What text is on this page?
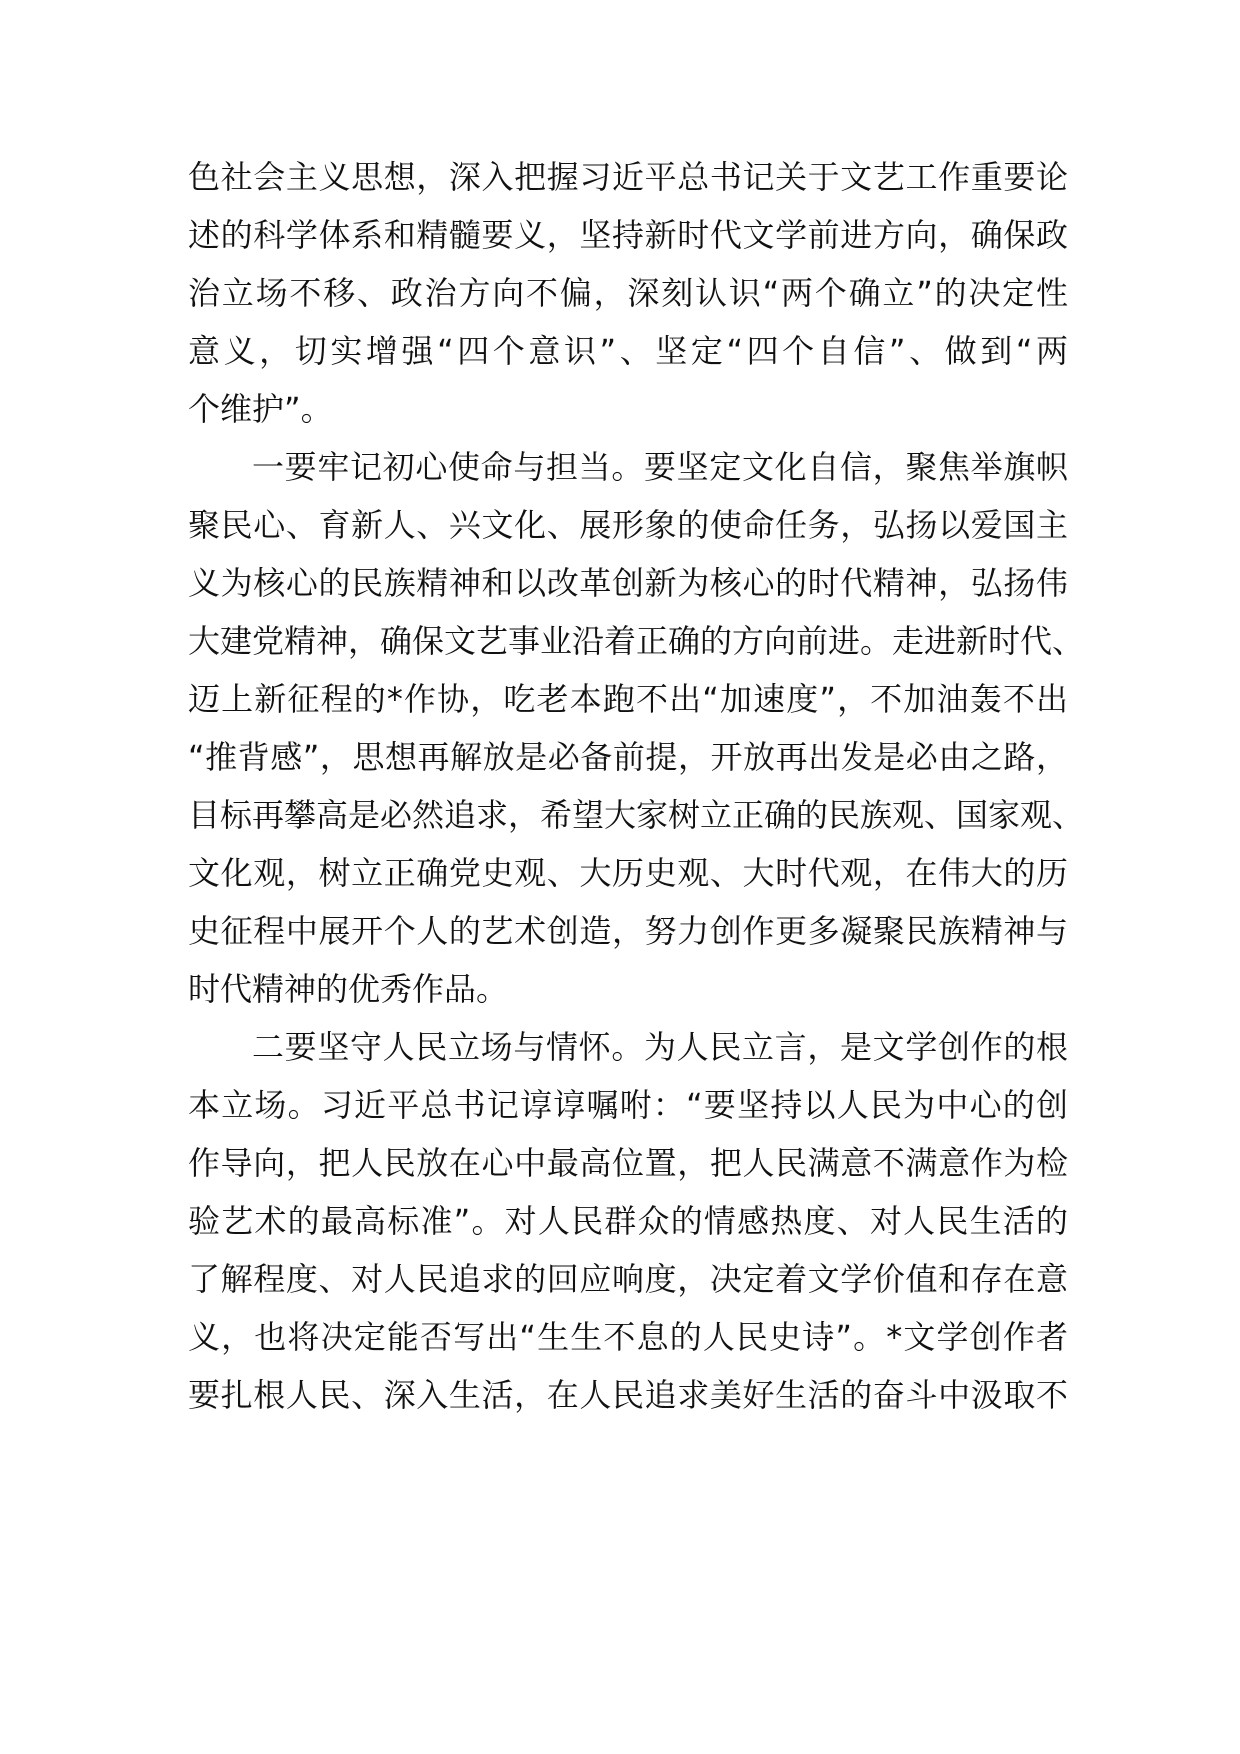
色社会主义思想，深入把握习近平总书记关于文艺工作重要论
述的科学体系和精髓要义，坚持新时代文学前进方向，确保政
治立场不移、政治方向不偏，深刻认识“两个确立”的决定性
意义，切实增强“四个意识”、坚定“四个自信”、做到“两
个维护”。
一要牢记初心使命与担当。要坚定文化自信，聚焦举旗帜
聚民心、育新人、兴文化、展形象的使命任务，弘扬以爱国主
义为核心的民族精神和以改革创新为核心的时代精神，弘扬伟
大建党精神，确保文艺事业沿着正确的方向前进。走进新时代、
迈上新征程的*作协，吃老本跑不出“加速度”，不加油轰不出
“推背感”，思想再解放是必备前提，开放再出发是必由之路，
目标再攀高是必然追求，希望大家树立正确的民族观、国家观、
文化观，树立正确党史观、大历史观、大时代观，在伟大的历
史征程中展开个人的艺术创造，努力创作更多凝聚民族精神与
时代精神的优秀作品。
二要坚守人民立场与情怀。为人民立言，是文学创作的根
本立场。习近平总书记谆谆嘱咐：“要坚持以人民为中心的创
作导向，把人民放在心中最高位置，把人民满意不满意作为检
验艺术的最高标准”。对人民群众的情感热度、对人民生活的
了解程度、对人民追求的回应响度，决定着文学价值和存在意
义，也将决定能否写出“生生不息的人民史诗”。*文学创作者
要扎根人民、深入生活，在人民追求美好生活的奋斗中汲取不
